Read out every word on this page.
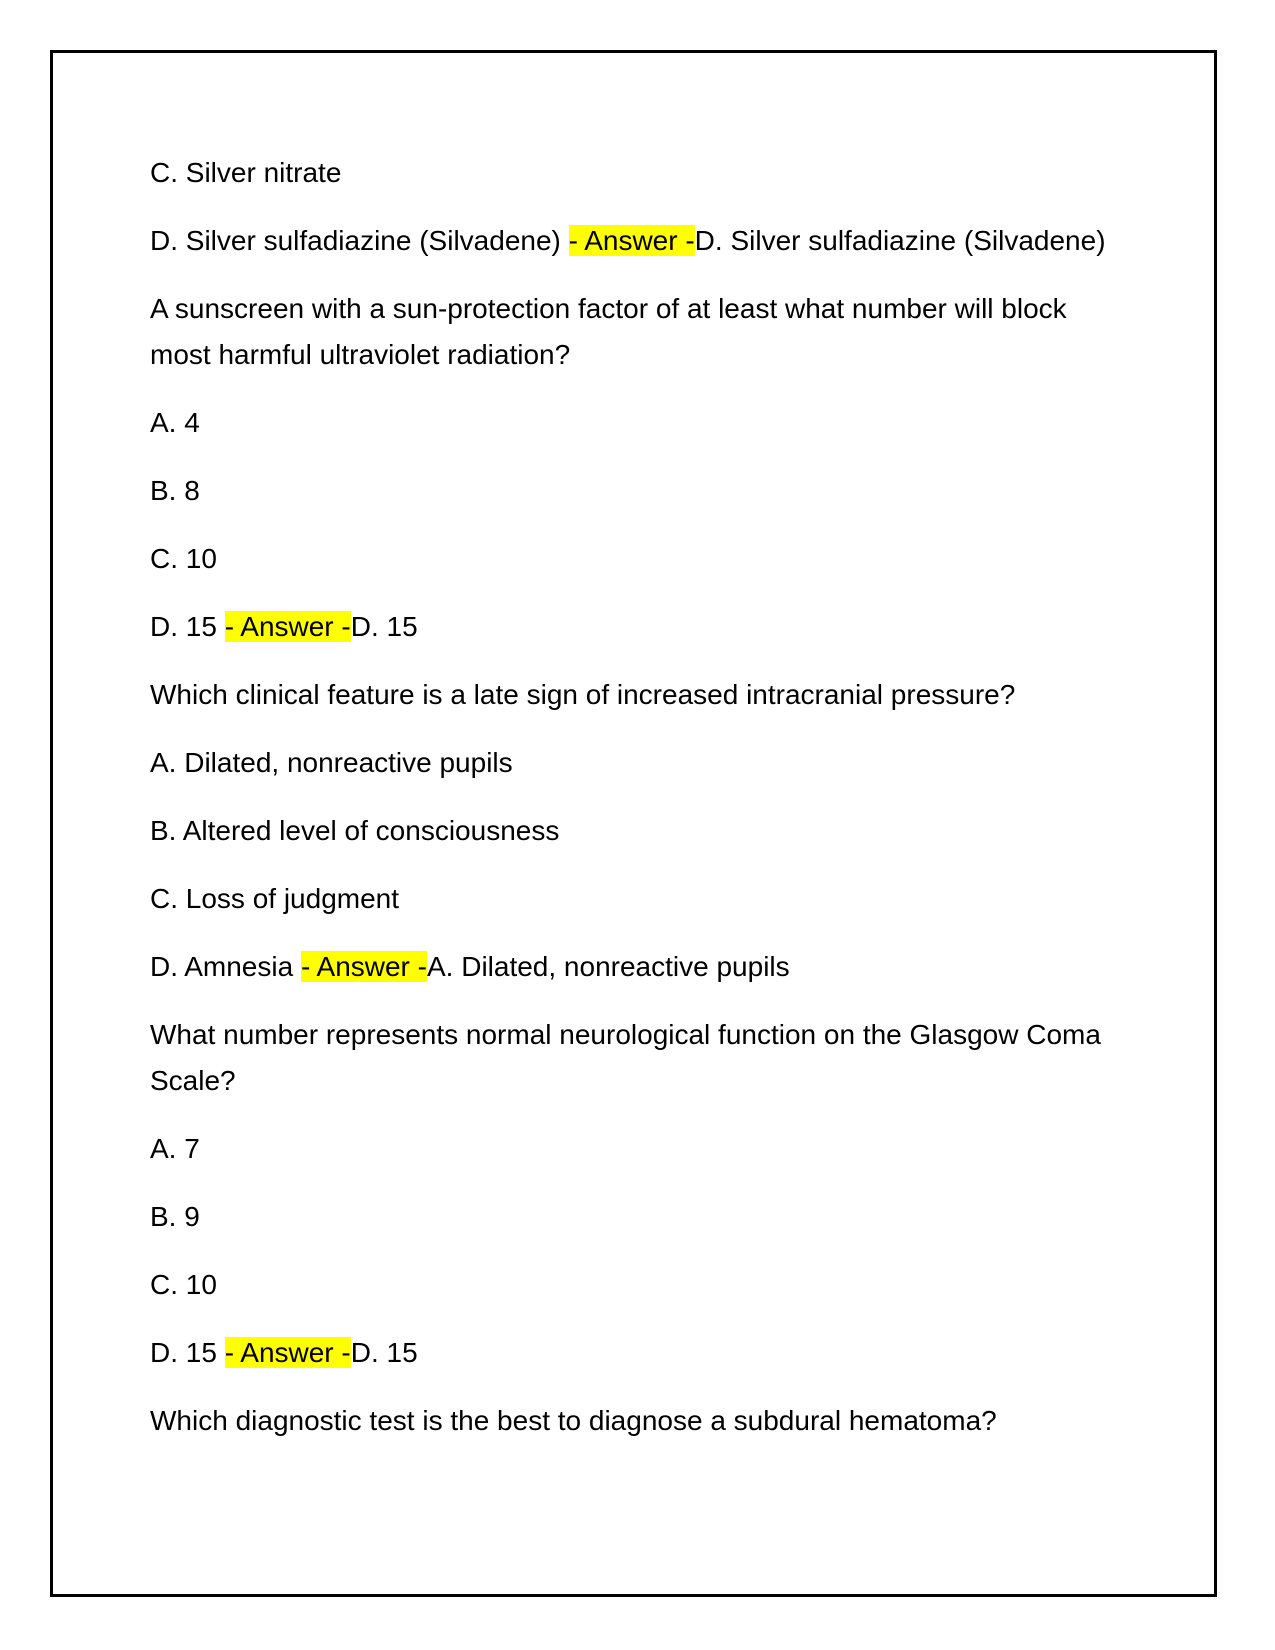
C. Silver nitrate

D. Silver sulfadiazine (Silvadene) - Answer -D. Silver sulfadiazine (Silvadene)

A sunscreen with a sun-protection factor of at least what number will block most harmful ultraviolet radiation?

A. 4

B. 8

C. 10

D. 15 - Answer -D. 15

Which clinical feature is a late sign of increased intracranial pressure?

A. Dilated, nonreactive pupils

B. Altered level of consciousness

C. Loss of judgment

D. Amnesia - Answer -A. Dilated, nonreactive pupils

What number represents normal neurological function on the Glasgow Coma Scale?

A. 7

B. 9

C. 10

D. 15 - Answer -D. 15

Which diagnostic test is the best to diagnose a subdural hematoma?
